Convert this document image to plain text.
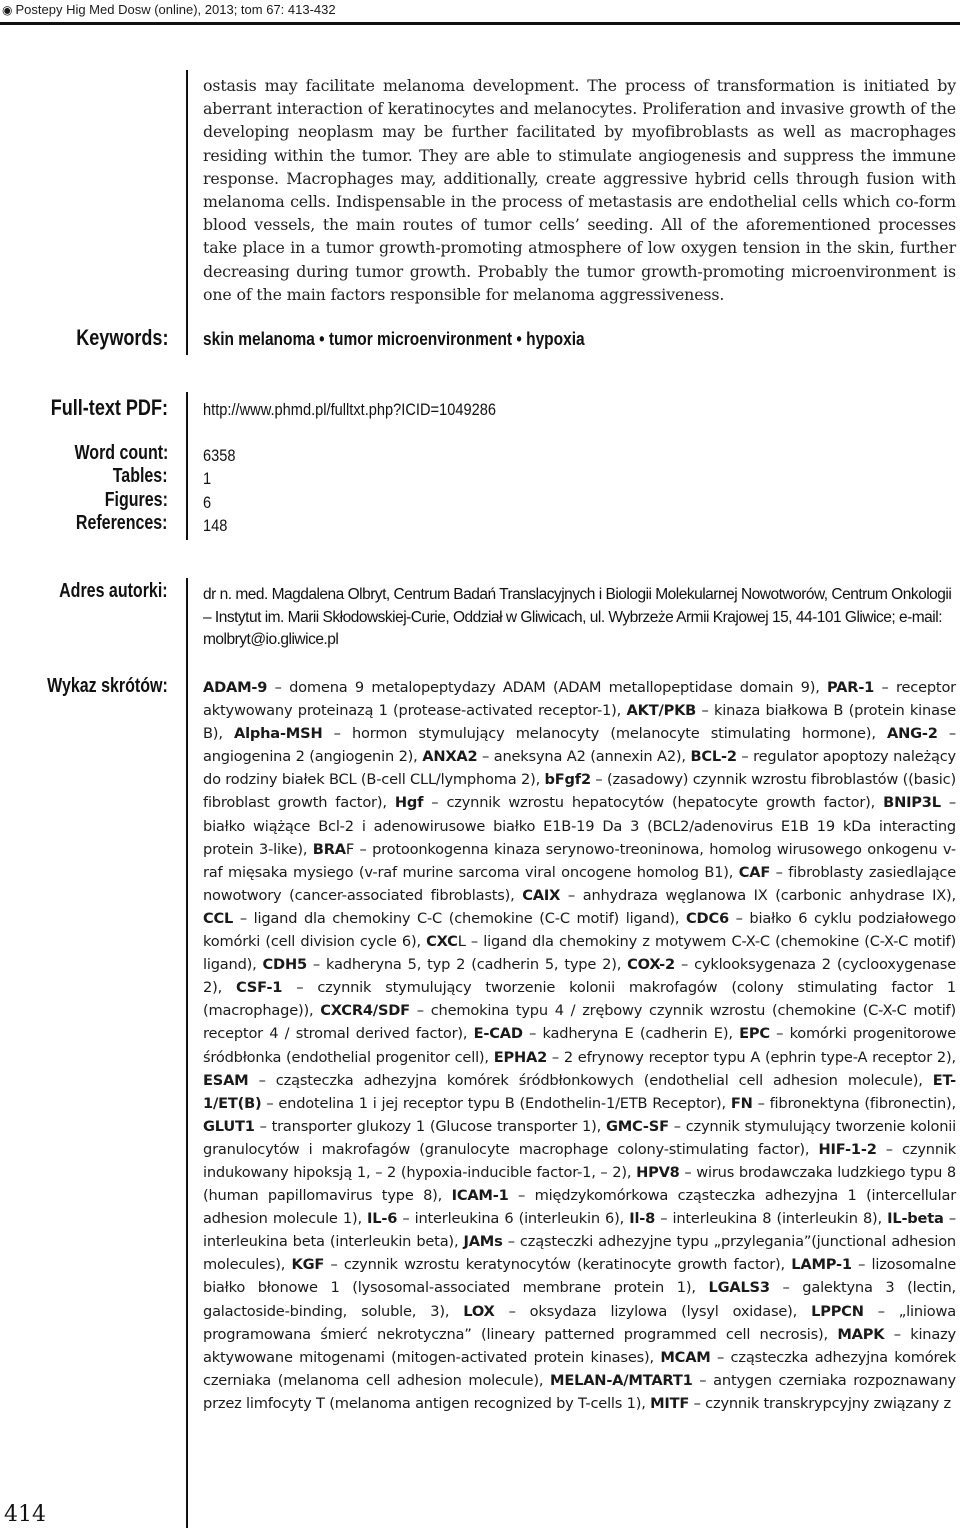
◉ Postepy Hig Med Dosw (online), 2013; tom 67: 413-432
ostasis may facilitate melanoma development. The process of transformation is initiated by aberrant interaction of keratinocytes and melanocytes. Proliferation and invasive growth of the developing neoplasm may be further facilitated by myofibroblasts as well as macrophages residing within the tumor. They are able to stimulate angiogenesis and suppress the immune response. Macrophages may, additionally, create aggressive hybrid cells through fusion with melanoma cells. Indispensable in the process of metastasis are endothelial cells which co-form blood vessels, the main routes of tumor cells’ seeding. All of the aforementioned processes take place in a tumor growth-promoting atmosphere of low oxygen tension in the skin, further decreasing during tumor growth. Probably the tumor growth-promoting microenvironment is one of the main factors responsible for melanoma aggressiveness.
Keywords: skin melanoma • tumor microenvironment • hypoxia
Full-text PDF: http://www.phmd.pl/fulltxt.php?ICID=1049286
Word count: 6358
Tables: 1
Figures: 6
References: 148
Adres autorki: dr n. med. Magdalena Olbryt, Centrum Badań Translacyjnych i Biologii Molekularnej Nowotworów, Centrum Onkologii – Instytut im. Marii Skłodowskiej-Curie, Oddział w Gliwicach, ul. Wybrzeże Armii Krajowej 15, 44-101 Gliwice; e-mail: molbryt@io.gliwice.pl
Wykaz skrótów: ADAM-9 – domena 9 metalopeptydazy ADAM (ADAM metallopeptidase domain 9), PAR-1 – receptor aktywowany proteinazą 1 (protease-activated receptor-1), AKT/PKB – kinaza białkowa B (protein kinase B), Alpha-MSH – hormon stymulujący melanocyty (melanocyte stimulating hormone), ANG-2 – angiogenina 2 (angiogenin 2), ANXA2 – aneksyna A2 (annexin A2), BCL-2 – regulator apoptozy należący do rodziny białek BCL (B-cell CLL/lymphoma 2), bFgf2 – (zasadowy) czynnik wzrostu fibroblastów ((basic) fibroblast growth factor), Hgf – czynnik wzrostu hepatocytów (hepatocyte growth factor), BNIP3L – białko wiążące Bcl-2 i adenowirusowe białko E1B-19 Da 3 (BCL2/adenovirus E1B 19 kDa interacting protein 3-like), BRAF – protoonkogenna kinaza serynowo-treoninowa, homolog wirusowego onkogenu v-raf mięsaka mysiego (v-raf murine sarcoma viral oncogene homolog B1), CAF – fibroblasty zasiedlające nowotwory (cancer-associated fibroblasts), CAIX – anhydraza węglanowa IX (carbonic anhydrase IX), CCL – ligand dla chemokiny C-C (chemokine (C-C motif) ligand), CDC6 – białko 6 cyklu podziałowego komórki (cell division cycle 6), CXCL – ligand dla chemokiny z motywem C-X-C (chemokine (C-X-C motif) ligand), CDH5 – kadheryna 5, typ 2 (cadherin 5, type 2), COX-2 – cyklooksygenaza 2 (cyclooxygenase 2), CSF-1 – czynnik stymulujący tworzenie kolonii makrofagów (colony stimulating factor 1 (macrophage)), CXCR4/SDF – chemokina typu 4 / zrębowy czynnik wzrostu (chemokine (C-X-C motif) receptor 4 / stromal derived factor), E-CAD – kadheryna E (cadherin E), EPC – komórki progenitorowe śródbłonka (endothelial progenitor cell), EPHA2 – 2 efrynowy receptor typu A (ephrin type-A receptor 2), ESAM – cząsteczka adhezyjna komórek śródbłonkowych (endothelial cell adhesion molecule), ET-1/ET(B) – endotelina 1 i jej receptor typu B (Endothelin-1/ETB Receptor), FN – fibronektyna (fibronectin), GLUT1 – transporter glukozy 1 (Glucose transporter 1), GMC-SF – czynnik stymulujący tworzenie kolonii granulocytów i makrofagów (granulocyte macrophage colony-stimulating factor), HIF-1-2 – czynnik indukowany hipoksją 1, – 2 (hypoxia-inducible factor-1, – 2), HPV8 – wirus brodawczaka ludzkiego typu 8 (human papillomavirus type 8), ICAM-1 – międzykomórkowa cząsteczka adhezyjna 1 (intercellular adhesion molecule 1), IL-6 – interleukina 6 (interleukin 6), Il-8 – interleukina 8 (interleukin 8), IL-beta – interleukina beta (interleukin beta), JAMs – cząsteczki adhezyjne typu „przylegania”(junctional adhesion molecules), KGF – czynnik wzrostu keratynocytów (keratinocyte growth factor), LAMP-1 – lizosomalne białko błonowe 1 (lysosomal-associated membrane protein 1), LGALS3 – galektyna 3 (lectin, galactoside-binding, soluble, 3), LOX – oksydaza lizylowa (lysyl oxidase), LPPCN – „liniowa programowana śmierć nekrotyczna” (lineary patterned programmed cell necrosis), MAPK – kinazy aktywowane mitogenami (mitogen-activated protein kinases), MCAM – cząsteczka adhezyjna komórek czerniaka (melanoma cell adhesion molecule), MELAN-A/MTART1 – antygen czerniaka rozpoznawany przez limfocyty T (melanoma antigen recognized by T-cells 1), MITF – czynnik transkrypcyjny związany z
414
